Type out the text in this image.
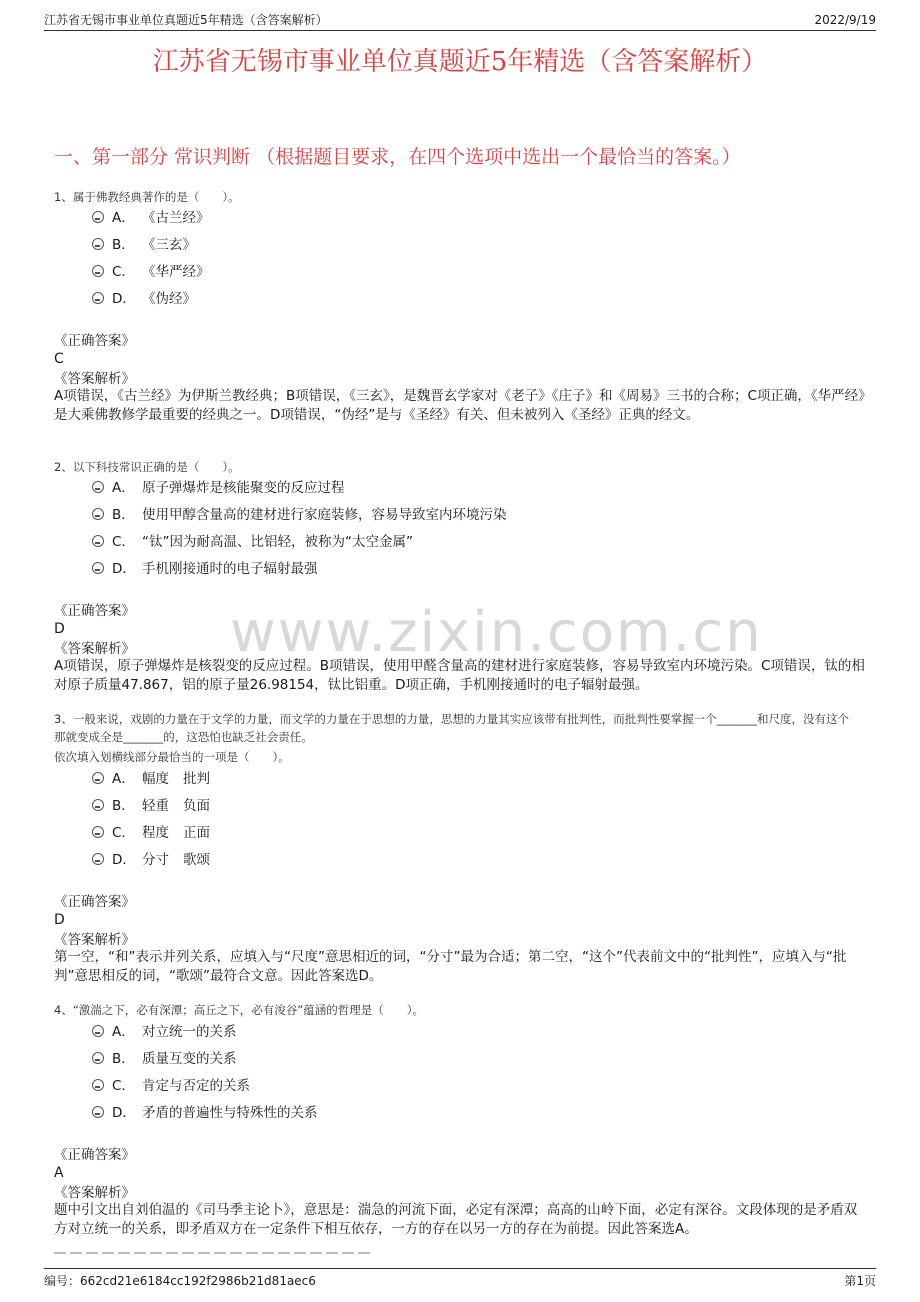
江苏省无锡市事业单位真题近5年精选（含答案解析）	2022/9/19
江苏省无锡市事业单位真题近5年精选（含答案解析）
一、第一部分 常识判断 （根据题目要求，在四个选项中选出一个最恰当的答案。）
www.zixin.com.cn
1、属于佛教经典著作的是（　　）。
A． 《古兰经》
B． 《三玄》
C． 《华严经》
D． 《伪经》
《正确答案》
C
《答案解析》
A项错误，《古兰经》为伊斯兰教经典；B项错误，《三玄》，是魏晋玄学家对《老子》《庄子》和《周易》三书的合称；C项正确，《华严经》是大乘佛教修学最重要的经典之一。D项错误，“伪经”是与《圣经》有关、但未被列入《圣经》正典的经文。
2、以下科技常识正确的是（　　）。
A． 原子弹爆炸是核能聚变的反应过程
B． 使用甲醇含量高的建材进行家庭装修，容易导致室内环境污染
C． “钛”因为耐高温、比铝轻，被称为“太空金属”
D． 手机刚接通时的电子辐射最强
《正确答案》
D
《答案解析》
A项错误，原子弹爆炸是核裂变的反应过程。B项错误，使用甲醛含量高的建材进行家庭装修，容易导致室内环境污染。C项错误，钛的相对原子质量47.867，铝的原子量26.98154，钛比铝重。D项正确，手机刚接通时的电子辐射最强。
3、一般来说，戏剧的力量在于文学的力量，而文学的力量在于思想的力量，思想的力量其实应该带有批判性，而批判性要掌握一个_______和尺度，没有这个那就变成全是_______的，这恐怕也缺乏社会责任。
依次填入划横线部分最恰当的一项是（　　）。
A． 幅度 批判
B． 轻重 负面
C． 程度 正面
D． 分寸 歌颂
《正确答案》
D
《答案解析》
第一空，“和”表示并列关系，应填入与“尺度”意思相近的词，“分寸”最为合适；第二空，“这个”代表前文中的“批判性”，应填入与“批判”意思相反的词，“歌颂”最符合文意。因此答案选D。
4、“激湍之下，必有深潭；高丘之下，必有浚谷”蕴涵的哲理是（　　）。
A． 对立统一的关系
B． 质量互变的关系
C． 肯定与否定的关系
D． 矛盾的普遍性与特殊性的关系
《正确答案》
A
《答案解析》
题中引文出自刘伯温的《司马季主论卜》，意思是：湍急的河流下面，必定有深潭；高高的山岭下面，必定有深谷。文段体现的是矛盾双方对立统一的关系，即矛盾双方在一定条件下相互依存，一方的存在以另一方的存在为前提。因此答案选A。
编号：662cd21e6184cc192f2986b21d81aec6	第1页
